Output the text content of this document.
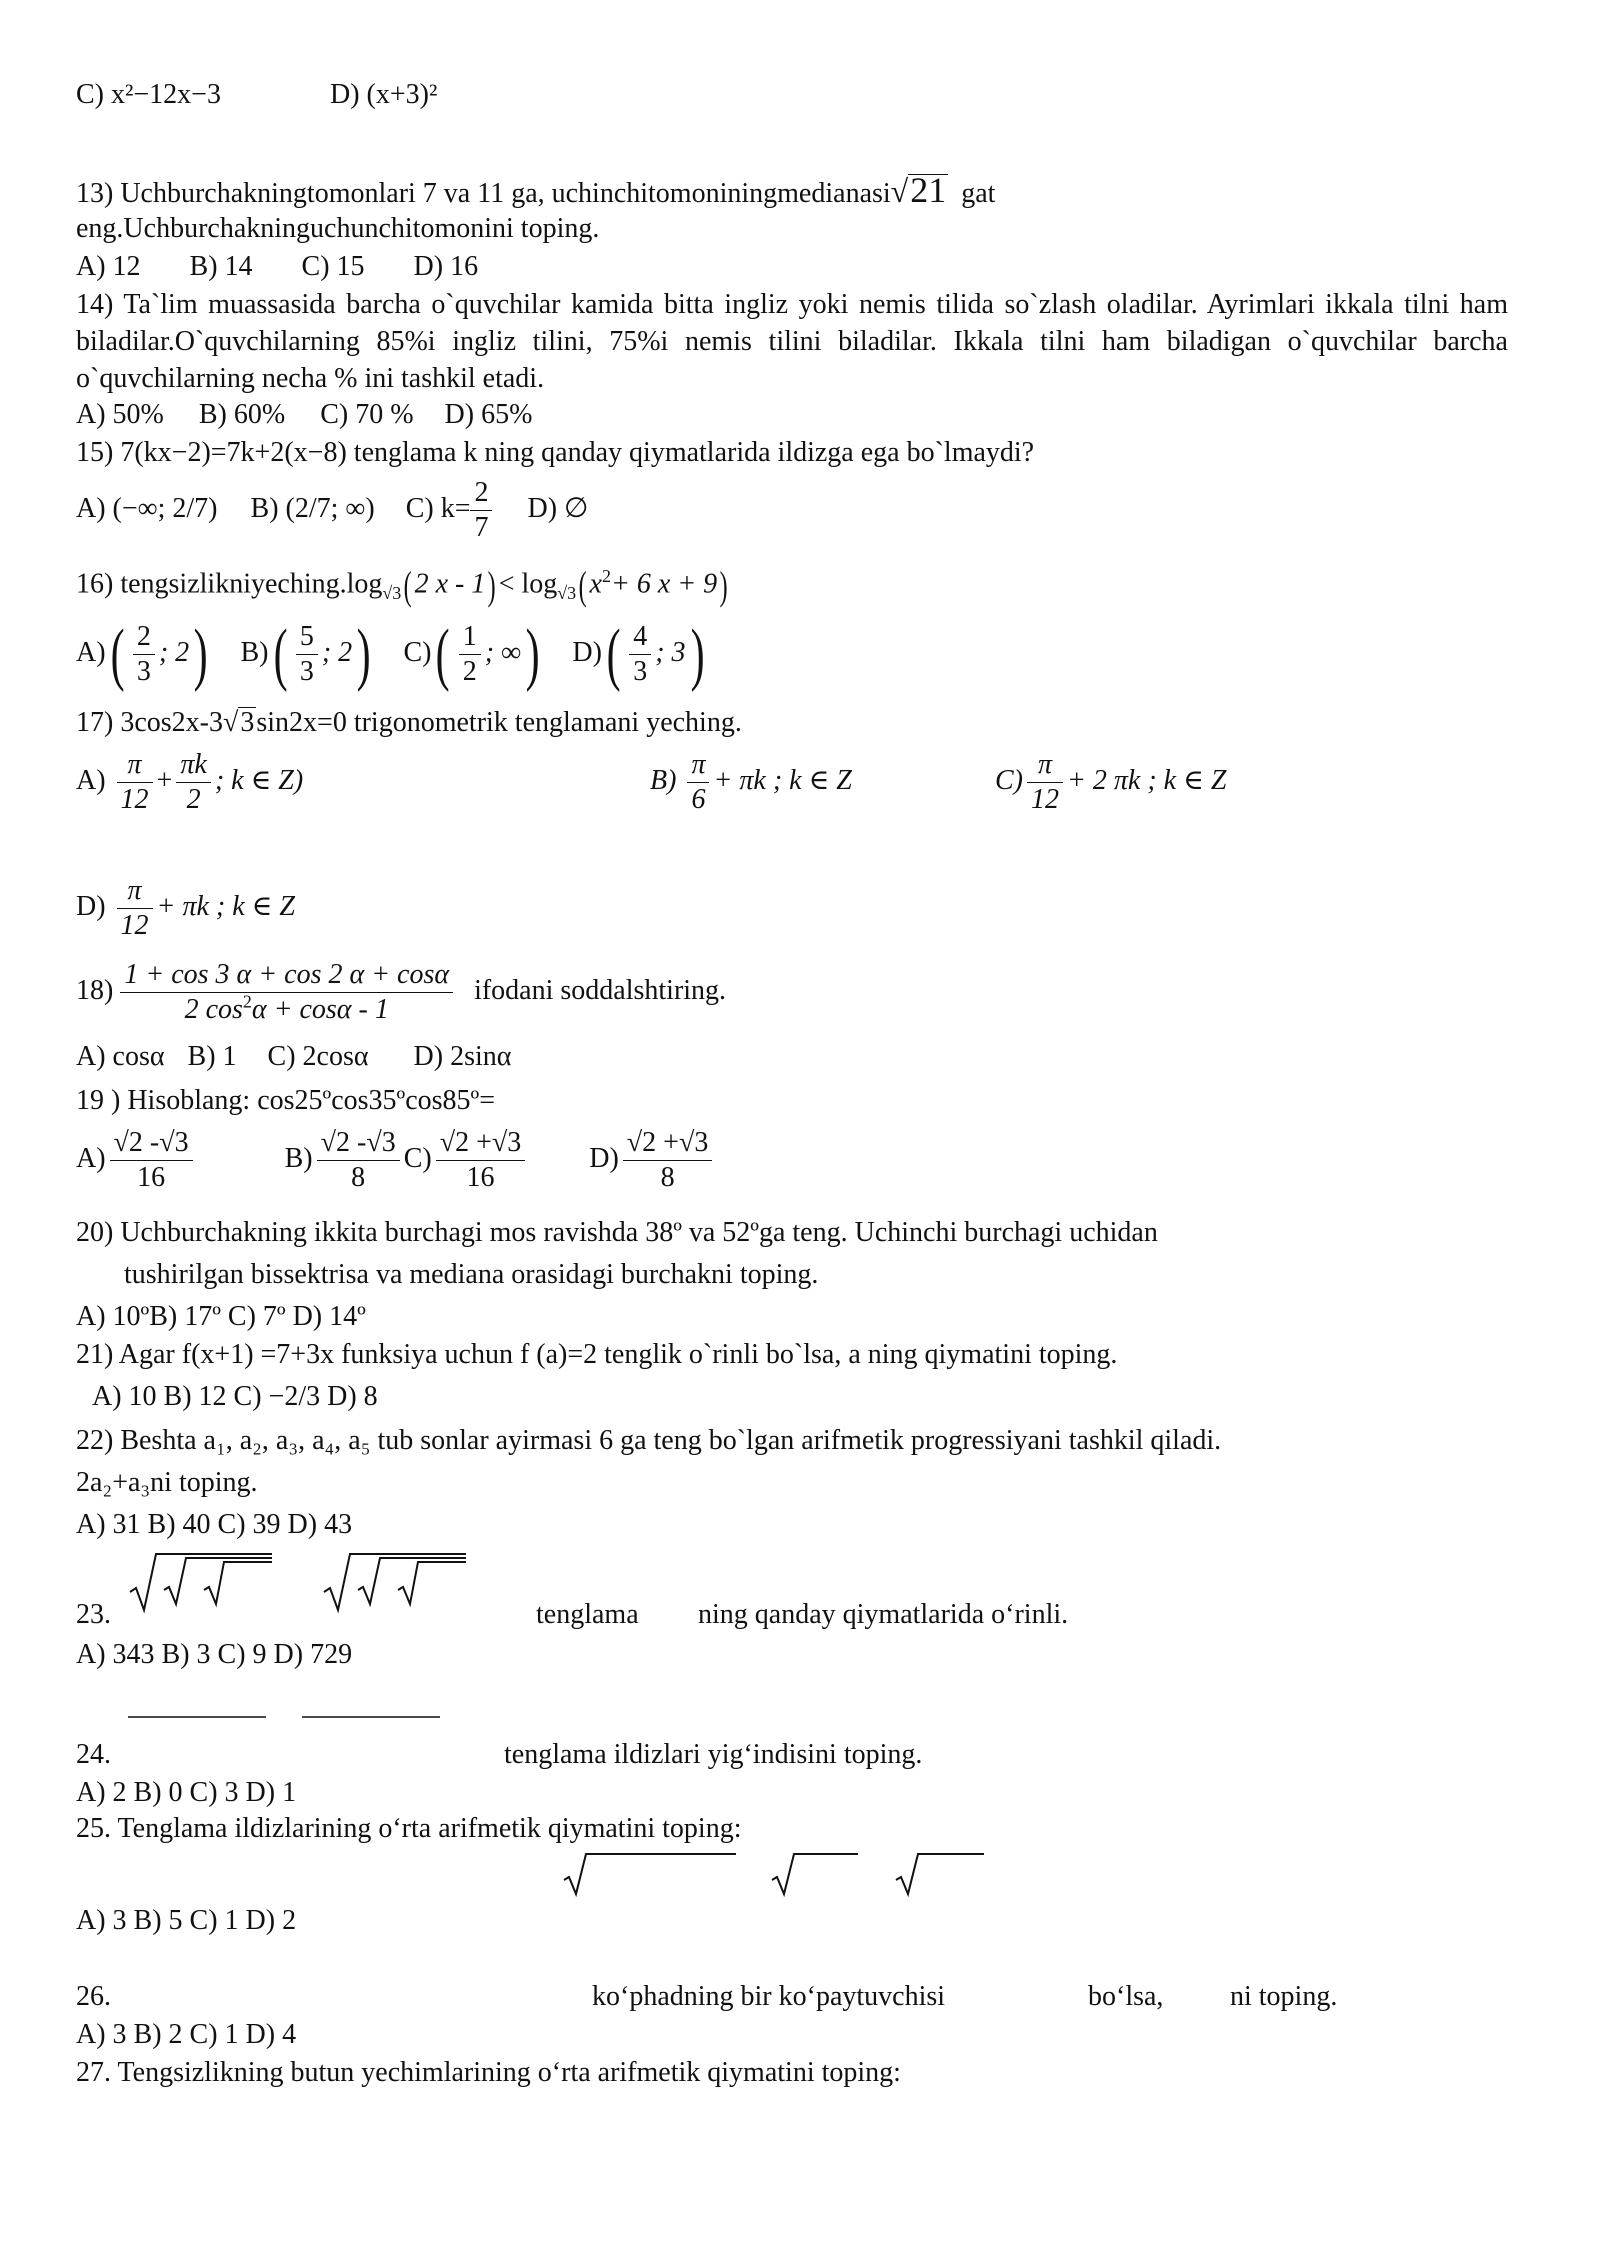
C) x²−12x−3	D) (x+3)²
13) Uchburchakningtomonlari 7 va 11 ga, uchinchitomoniningmedianasi√21 gat
eng.Uchburchakninguchunchitomonini toping.
A) 12 B) 14 C) 15 D) 16
14) Ta`lim muassasida barcha o`quvchilar kamida bitta ingliz yoki nemis tilida so`zlash oladilar. Ayrimlari ikkala tilni ham biladilar.O`quvchilarning 85%i ingliz tilini, 75%i nemis tilini biladilar. Ikkala tilni ham biladigan o`quvchilar barcha o`quvchilarning necha % ini tashkil etadi.
A) 50% B) 60% C) 70 % D) 65%
15) 7(kx−2)=7k+2(x−8) tenglama k ning qanday qiymatlarida ildizga ega bo`lmaydi?
A) (−∞; 2/7) B) (2/7; ∞) C) $k= \frac{2}{7} D$) ∅
16) $tengsizlikniyeching.\log_{√3}(2$ $x - 1)< \log_{√3}(x^2+ 6$ x + 9)
$A)( \frac{2}{3}$ ; 2) $B)( \frac{5}{3}$ ; 2) $C)( \frac{1}{2}$ ; ∞) $D)( \frac{4}{3}$ ; 3)
17) 3cos2x-3√3sin2x=0 trigonometrik tenglamani yeching.
$A) \frac{\pi}{12} + \frac{\pi k}{2}$ ; k ∈ Z)	$B) \frac{\pi}{6} + \pi k$ ; k ∈ Z	$C) \frac{\pi}{12} + 2$ πk ; k ∈ Z
$D) \frac{\pi}{12} + \pi k$ ; k ∈ Z
$18) \frac{1 + \cos 3 \alpha + \cos 2 \alpha + \cos\alpha}{2 \cos^2\alpha + \cos\alpha - 1}$ ifodani soddalshtiring.
A) cosα B) 1 C) 2cosα D) 2sinα
19 ) Hisoblang: cos25ºcos35ºcos85º=
$A) \frac{√2 -√3}{16}$	$B) \frac{√2 -√3}{8} C) \frac{√2 +√3}{16} D) \frac{√2 +√3}{8}$
20) Uchburchakning ikkita burchagi mos ravishda 38º va 52ºga teng. Uchinchi burchagi uchidan
tushirilgan bissektrisa va mediana orasidagi burchakni toping.
A) 10ºB) 17º C) 7º D) 14º
21) Agar f(x+1) =7+3x funksiya uchun f (a)=2 tenglik o`rinli bo`lsa, a ning qiymatini toping.
A) 10 B) 12 C) −2/3 D) 8
22) Beshta a₁, a₂, a₃, a₄, a₅ tub sonlar ayirmasi 6 ga teng bo`lgan arifmetik progressiyani tashkil qiladi.
2a₂+a₃ni toping.
A) 31 B) 40 C) 39 D) 43
23.	tenglama ning qanday qiymatlarida o‘rinli.
A) 343 B) 3 C) 9 D) 729
24.	tenglama ildizlari yig‘indisini toping.
A) 2 B) 0 C) 3 D) 1
25. Tenglama ildizlarining o‘rta arifmetik qiymatini toping:
A) 3 B) 5 C) 1 D) 2
26.	ko‘phadning bir ko‘paytuvchisi	bo‘lsa, ni toping.
A) 3 B) 2 C) 1 D) 4
27. Tengsizlikning butun yechimlarining o‘rta arifmetik qiymatini toping:
